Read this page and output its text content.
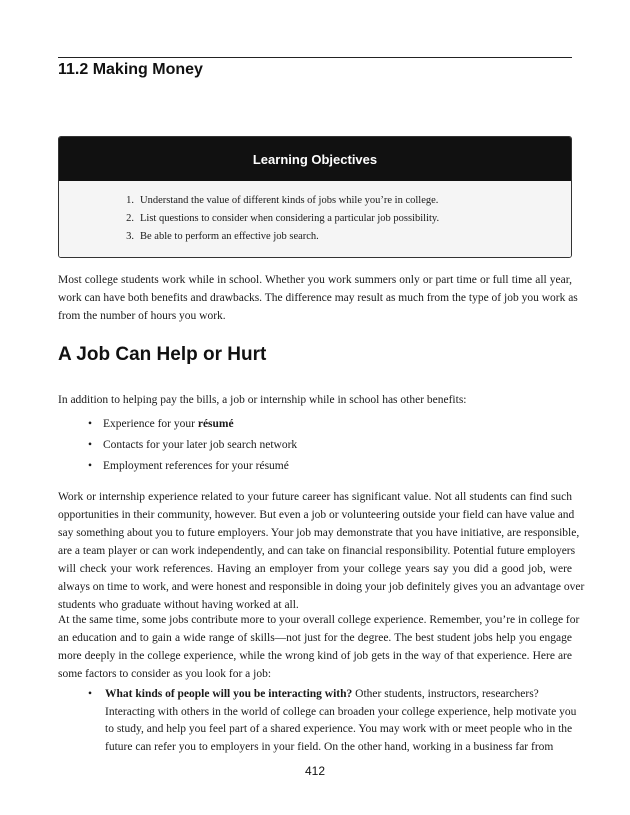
11.2 Making Money
Learning Objectives
1. Understand the value of different kinds of jobs while you’re in college.
2. List questions to consider when considering a particular job possibility.
3. Be able to perform an effective job search.

Most college students work while in school. Whether you work summers only or part time or full time all year,
work can have both benefits and drawbacks. The difference may result as much from the type of job you work as
from the number of hours you work.

A Job Can Help or Hurt

In addition to helping pay the bills, a job or internship while in school has other benefits:

• Experience for your résumé
• Contacts for your later job search network
• Employment references for your résumé

Work or internship experience related to your future career has significant value. Not all students can find such
opportunities in their community, however. But even a job or volunteering outside your field can have value and
say something about you to future employers. Your job may demonstrate that you have initiative, are responsible,
are a team player or can work independently, and can take on financial responsibility. Potential future employers
will check your work references. Having an employer from your college years say you did a good job, were
always on time to work, and were honest and responsible in doing your job definitely gives you an advantage over
students who graduate without having worked at all.

At the same time, some jobs contribute more to your overall college experience. Remember, you’re in college for
an education and to gain a wide range of skills—not just for the degree. The best student jobs help you engage
more deeply in the college experience, while the wrong kind of job gets in the way of that experience. Here are
some factors to consider as you look for a job:

• What kinds of people will you be interacting with? Other students, instructors, researchers?
Interacting with others in the world of college can broaden your college experience, help motivate you
to study, and help you feel part of a shared experience. You may work with or meet people who in the
future can refer you to employers in your field. On the other hand, working in a business far from
412
